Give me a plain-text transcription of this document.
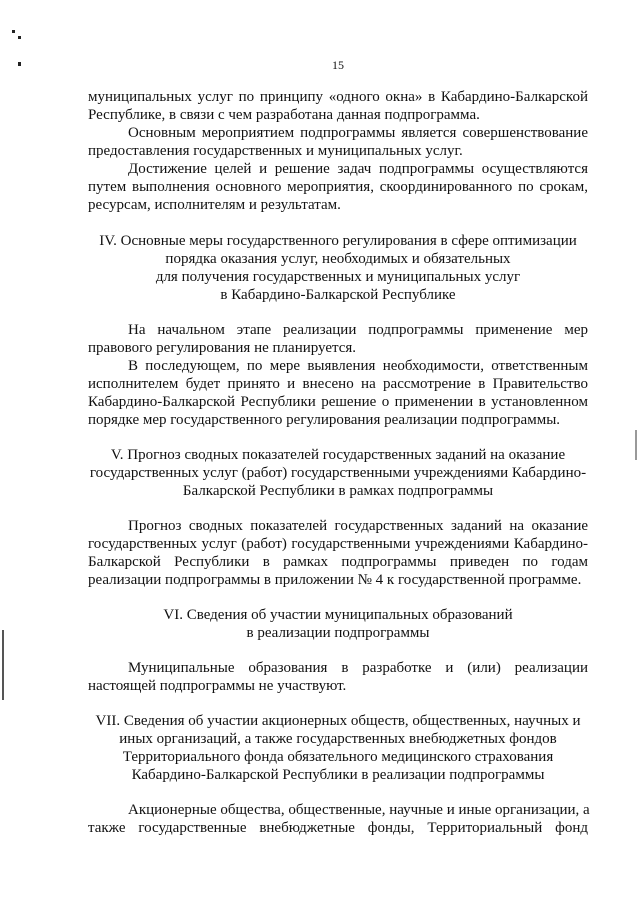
15
муниципальных услуг по принципу «одного окна» в Кабардино-Балкарской
Республике, в связи с чем разработана данная подпрограмма.
Основным мероприятием подпрограммы является совершенствование
предоставления государственных и муниципальных услуг.
Достижение целей и решение задач подпрограммы осуществляются
путем выполнения основного мероприятия, скоординированного по срокам,
ресурсам, исполнителям и результатам.
IV. Основные меры государственного регулирования в сфере оптимизации
порядка оказания услуг, необходимых и обязательных
для получения государственных и муниципальных услуг
в Кабардино-Балкарской Республике
На начальном этапе реализации подпрограммы применение мер
правового регулирования не планируется.
В последующем, по мере выявления необходимости, ответственным
исполнителем будет принято и внесено на рассмотрение в Правительство
Кабардино-Балкарской Республики решение о применении в установленном
порядке мер государственного регулирования реализации подпрограммы.
V. Прогноз сводных показателей государственных заданий на оказание
государственных услуг (работ) государственными учреждениями Кабардино-
Балкарской Республики в рамках подпрограммы
Прогноз сводных показателей государственных заданий на оказание
государственных услуг (работ) государственными учреждениями Кабардино-
Балкарской Республики в рамках подпрограммы приведен по годам
реализации подпрограммы в приложении № 4 к государственной программе.
VI. Сведения об участии муниципальных образований
в реализации подпрограммы
Муниципальные образования в разработке и (или) реализации
настоящей подпрограммы не участвуют.
VII. Сведения об участии акционерных обществ, общественных, научных и
иных организаций, а также государственных внебюджетных фондов
Территориального фонда обязательного медицинского страхования
Кабардино-Балкарской Республики в реализации подпрограммы
Акционерные общества, общественные, научные и иные организации, а
также государственные внебюджетные фонды, Территориальный фонд
